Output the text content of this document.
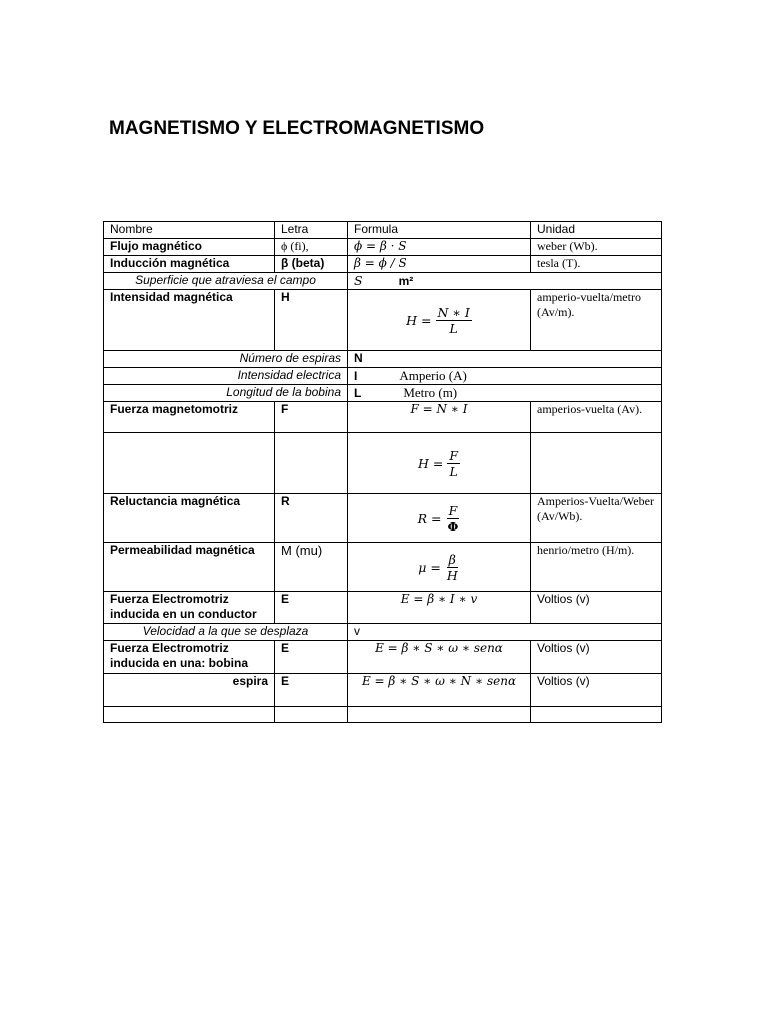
MAGNETISMO Y ELECTROMAGNETISMO
Nombre	Letra	Formula	Unidad
Flujo magnético	ϕ (fi),	ϕ = β · S	weber (Wb).
Inducción magnética	β (beta)	β = ϕ / S	tesla (T).
Superficie que atraviesa el campo		S m²	
Intensidad magnética	H	$H = \frac{N ∗ I}{L}$	amperio-vuelta/metro (Av/m).
Número de espiras		N	
Intensidad electrica		I Amperio (A)	
Longitud de la bobina		L Metro (m)	
Fuerza magnetomotriz	F	F = N ∗ I	amperios-vuelta (Av).

		$H = \frac{F}{L}$

Reluctancia magnética	R	$R = \frac{F}{\Phi}$	Amperios-Vuelta/Weber (Av/Wb).
Permeabilidad magnética	M (mu)	$\mu = \frac{\beta}{H}$	henrio/metro (H/m).
Fuerza Electromotriz inducida en un conductor	E	E = β ∗ I ∗ v	Voltios (v)
Velocidad a la que se desplaza		v	
Fuerza Electromotriz inducida en una: bobina	E	E = β ∗ S ∗ ω ∗ senα	Voltios (v)
espira	E	E = β ∗ S ∗ ω ∗ N ∗ senα	Voltios (v)
